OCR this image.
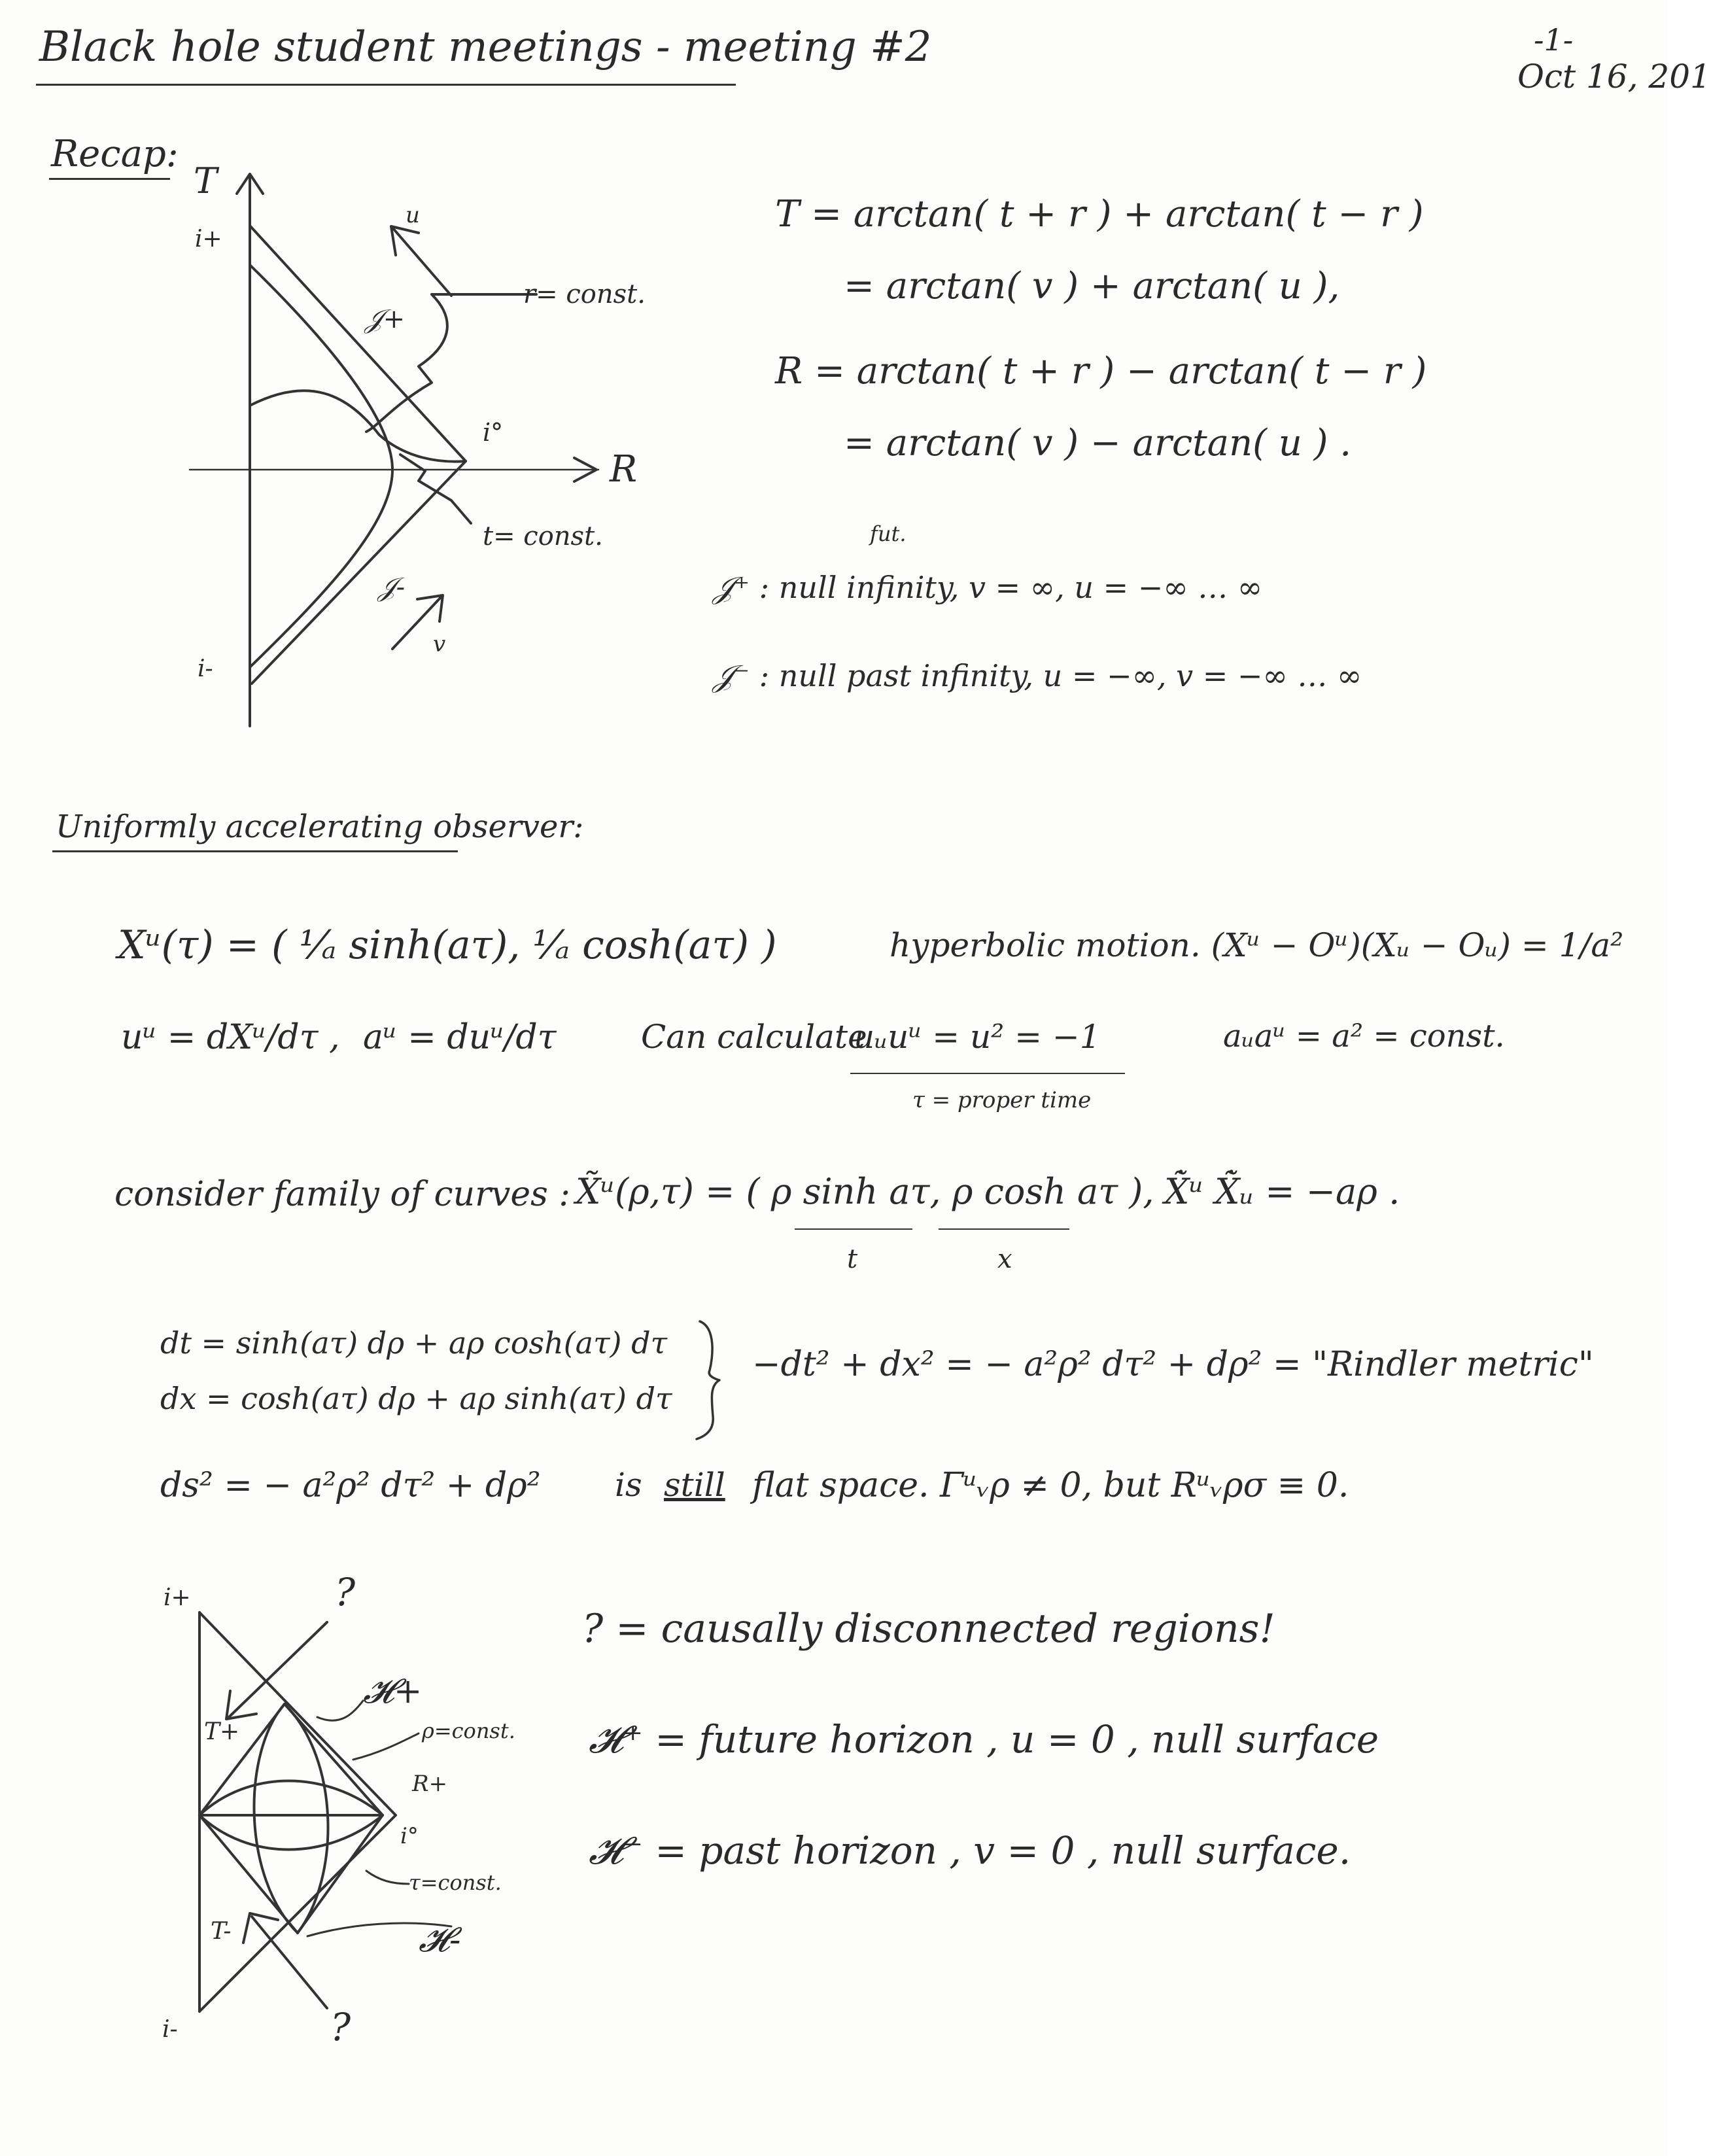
Black hole student meetings - meeting #2	-1-
Oct 16, 201
Recap:
T
R
i+
i-
i°
𝒥+
𝒥-
u
v
r= const.
t= const.
T = arctan( t + r ) + arctan( t − r )
= arctan( v ) + arctan( u ),
R = arctan( t + r ) − arctan( t − r )
= arctan( v ) − arctan( u ) .
fut.
𝒥⁺ : null infinity, v = ∞, u = −∞ … ∞
𝒥⁻ : null past infinity, u = −∞, v = −∞ … ∞
Uniformly accelerating observer:
Xᵘ(τ) = ( ¹⁄ₐ sinh(aτ), ¹⁄ₐ cosh(aτ) )	hyperbolic motion. (Xᵘ − Oᵘ)(Xᵤ − Oᵤ) = 1/a²
uᵘ = dXᵘ/dτ , aᵘ = duᵘ/dτ	Can calculate
uᵤuᵘ = u² = −1
τ = proper time
aᵤaᵘ = a² = const.
consider family of curves : X̃ᵘ(ρ,τ) = ( ρ sinh aτ, ρ cosh aτ ),
t	x
X̃̇ᵘ X̃̇ᵤ = −aρ .
dt = sinh(aτ) dρ + aρ cosh(aτ) dτ
dx = cosh(aτ) dρ + aρ sinh(aτ) dτ
−dt² + dx² = − a²ρ² dτ² + dρ² = "Rindler metric"
ds² = − a²ρ² dτ² + dρ² is still flat space. Γᵘᵥρ ≠ 0, but Rᵘᵥρσ ≡ 0.
i+
i-
i°
?
?
𝓗+
𝓗-
ρ=const.
R+
τ=const.
T+
T-
? = causally disconnected regions!
𝓗⁺ = future horizon , u = 0 , null surface
𝓗⁻ = past horizon , v = 0 , null surface.
